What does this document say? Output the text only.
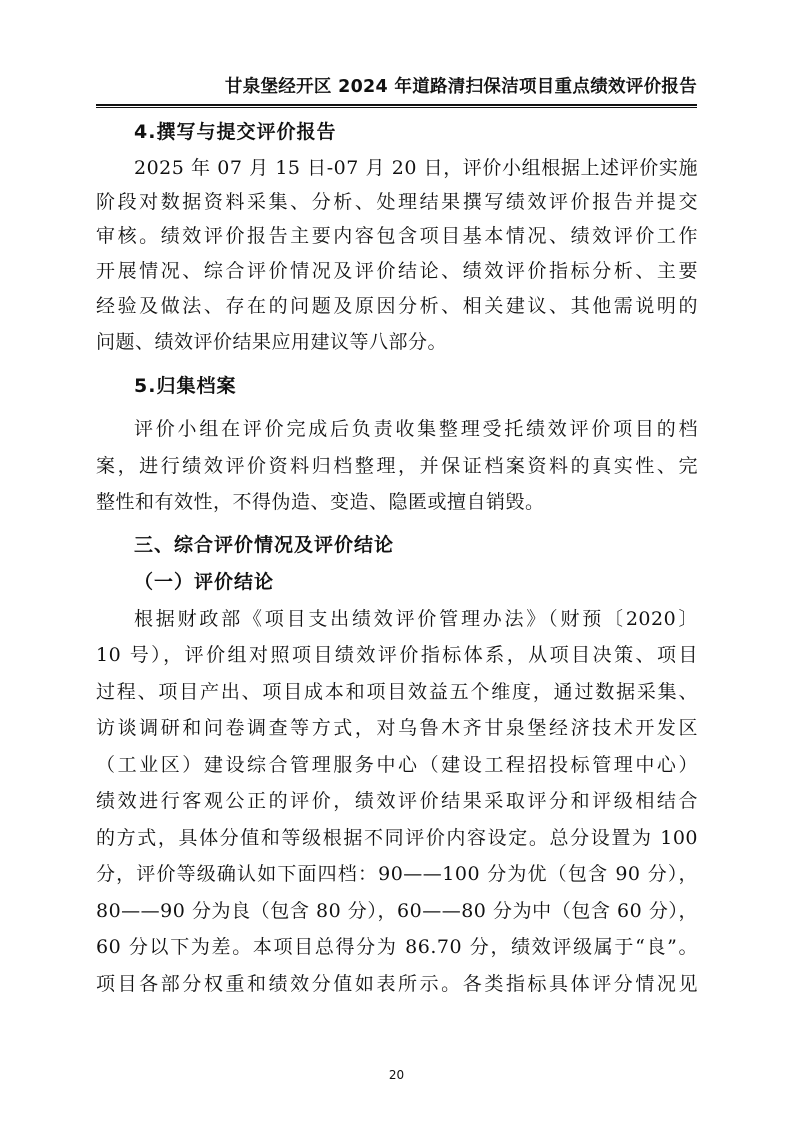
甘泉堡经开区 2024 年道路清扫保洁项目重点绩效评价报告
4.撰写与提交评价报告
2025 年 07 月 15 日-07 月 20 日，评价小组根据上述评价实施
阶段对数据资料采集、分析、处理结果撰写绩效评价报告并提交
审核。绩效评价报告主要内容包含项目基本情况、绩效评价工作
开展情况、综合评价情况及评价结论、绩效评价指标分析、主要
经验及做法、存在的问题及原因分析、相关建议、其他需说明的
问题、绩效评价结果应用建议等八部分。
5.归集档案
评价小组在评价完成后负责收集整理受托绩效评价项目的档
案，进行绩效评价资料归档整理，并保证档案资料的真实性、完
整性和有效性，不得伪造、变造、隐匿或擅自销毁。
三、综合评价情况及评价结论
（一）评价结论
根据财政部《项目支出绩效评价管理办法》（财预〔2020〕
10 号），评价组对照项目绩效评价指标体系，从项目决策、项目
过程、项目产出、项目成本和项目效益五个维度，通过数据采集、
访谈调研和问卷调查等方式，对乌鲁木齐甘泉堡经济技术开发区
（工业区）建设综合管理服务中心（建设工程招投标管理中心）
绩效进行客观公正的评价，绩效评价结果采取评分和评级相结合
的方式，具体分值和等级根据不同评价内容设定。总分设置为 100
分，评价等级确认如下面四档：90——100 分为优（包含 90 分），
80——90 分为良（包含 80 分），60——80 分为中（包含 60 分），
60 分以下为差。本项目总得分为 86.70 分，绩效评级属于“良”。
项目各部分权重和绩效分值如表所示。各类指标具体评分情况见
20
